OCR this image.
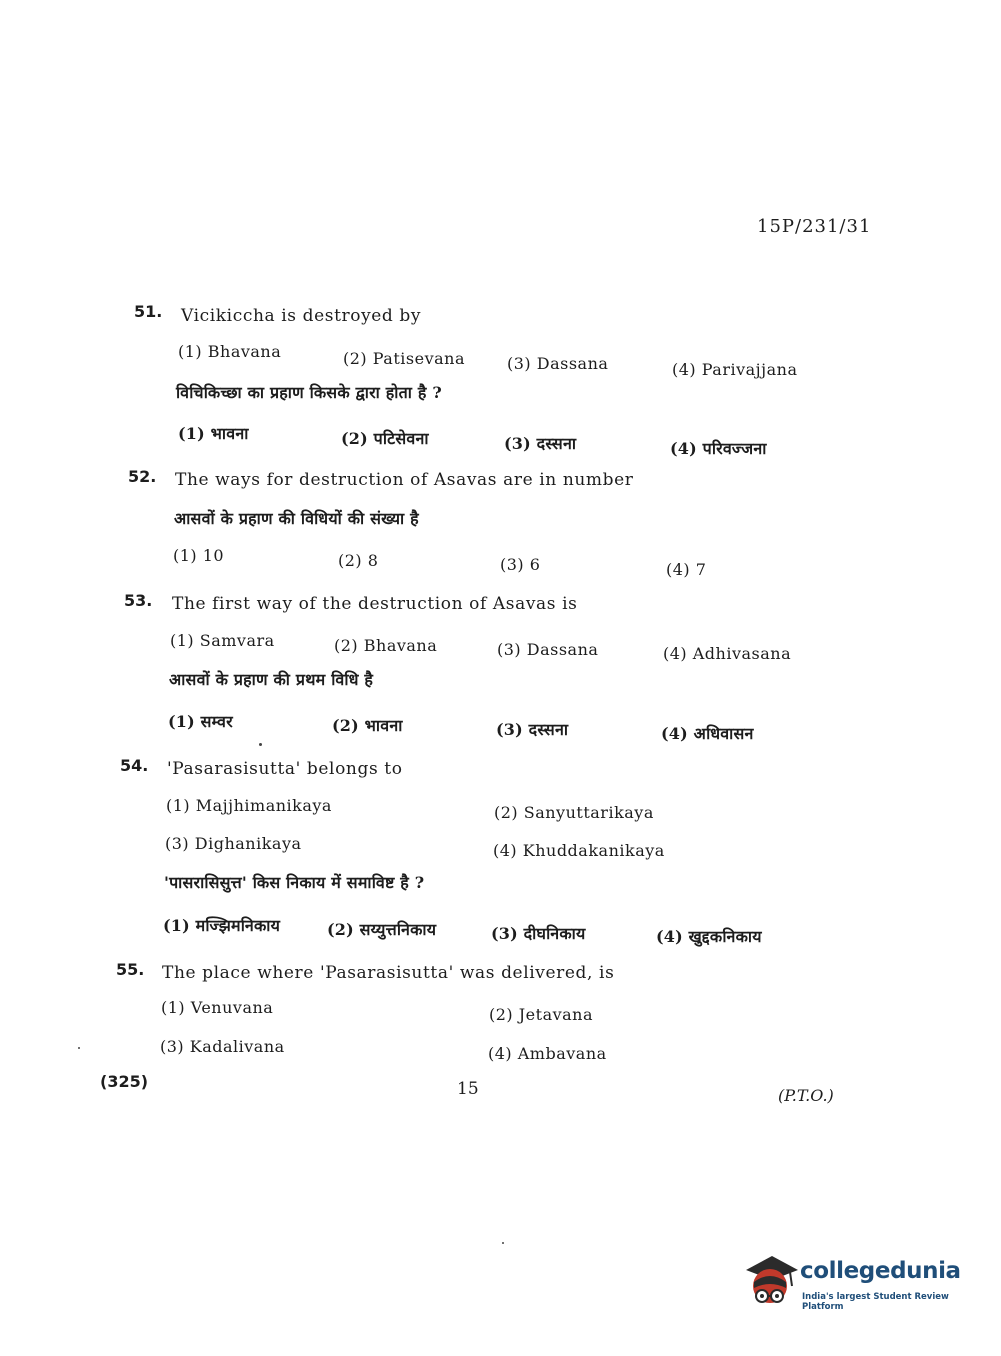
15P/231/31
51. Vicikiccha is destroyed by
(1) Bhavana	(2) Patisevana	(3) Dassana	(4) Parivajjana
विचिकिच्छा का प्रहाण किसके द्वारा होता है ?
(1) भावना	(2) पटिसेवना	(3) दस्सना	(4) परिवज्जना
52. The ways for destruction of Asavas are in number
आसवों के प्रहाण की विधियों की संख्या है
(1) 10	(2) 8	(3) 6	(4) 7
53. The first way of the destruction of Asavas is
(1) Samvara	(2) Bhavana	(3) Dassana	(4) Adhivasana
आसवों के प्रहाण की प्रथम विधि है
(1) सम्वर	(2) भावना	(3) दस्सना	(4) अधिवासन
54. 'Pasarasisutta' belongs to
(1) Majjhimanikaya	(2) Sanyuttarikaya
(3) Dighanikaya	(4) Khuddakanikaya
'पासरासिसुत्त' किस निकाय में समाविष्ट है ?
(1) मज्झिमनिकाय	(2) सय्युत्तनिकाय	(3) दीघनिकाय	(4) खुद्दकनिकाय
55. The place where 'Pasarasisutta' was delivered, is
(1) Venuvana	(2) Jetavana
(3) Kadalivana	(4) Ambavana
(325)	15	(P.T.O.)
collegedunia
India's largest Student Review Platform
